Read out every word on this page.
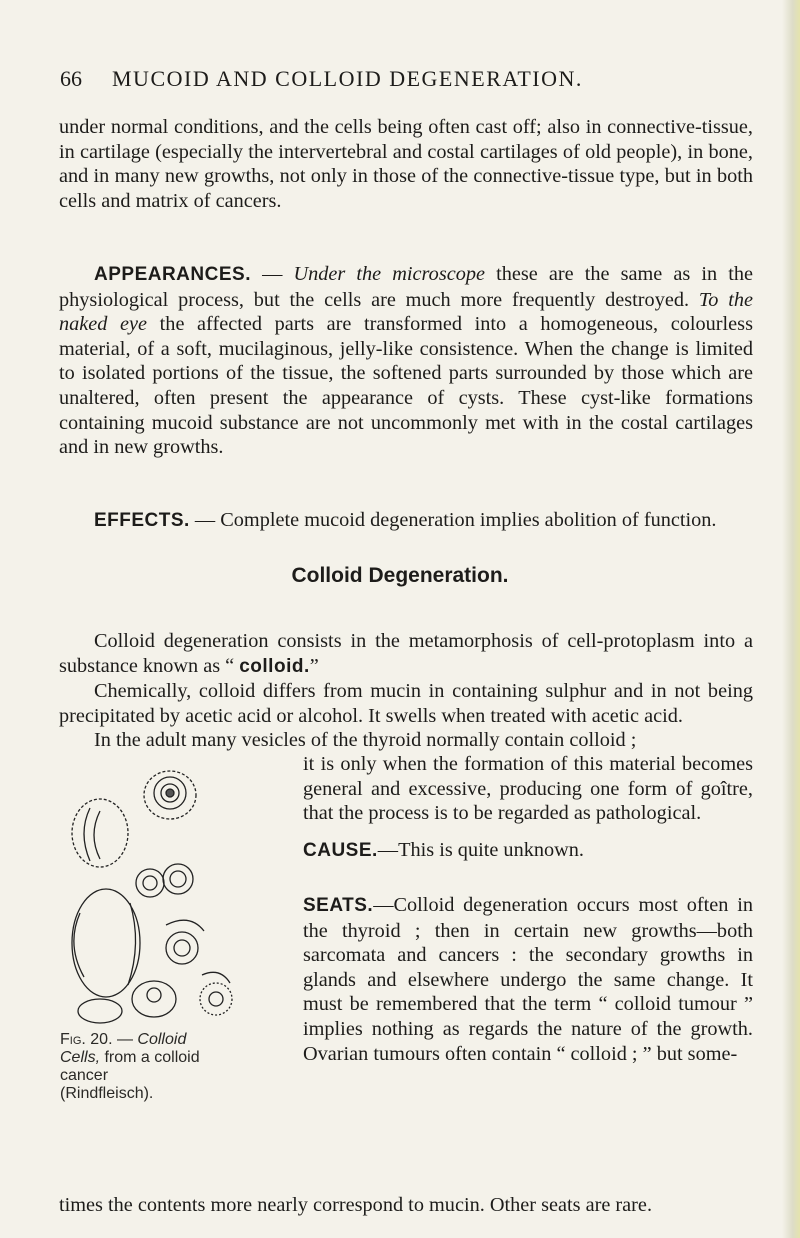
66 MUCOID AND COLLOID DEGENERATION.

under normal conditions, and the cells being often cast off; also in connective-tissue, in cartilage (especially the intervertebral and costal cartilages of old people), in bone, and in many new growths, not only in those of the connective-tissue type, but in both cells and matrix of cancers.

APPEARANCES. — Under the microscope these are the same as in the physiological process, but the cells are much more frequently destroyed. To the naked eye the affected parts are transformed into a homogeneous, colourless material, of a soft, mucilaginous, jelly-like consistence. When the change is limited to isolated portions of the tissue, the softened parts surrounded by those which are unaltered, often present the appearance of cysts. These cyst-like formations containing mucoid substance are not uncommonly met with in the costal cartilages and in new growths.

EFFECTS. — Complete mucoid degeneration implies abolition of function.

Colloid Degeneration.

Colloid degeneration consists in the metamorphosis of cell-protoplasm into a substance known as “ colloid.”

Chemically, colloid differs from mucin in containing sulphur and in not being precipitated by acetic acid or alcohol. It swells when treated with acetic acid.

In the adult many vesicles of the thyroid normally contain colloid ;

it is only when the formation of this material becomes general and excessive, producing one form of goître, that the process is to be regarded as pathological.

CAUSE.—This is quite unknown.

SEATS.—Colloid degeneration occurs most often in the thyroid ; then in certain new growths—both sarcomata and cancers : the secondary growths in glands and elsewhere undergo the same change. It must be remembered that the term “ colloid tumour ” implies nothing as regards the nature of the growth. Ovarian tumours often contain “ colloid ; ” but some-

times the contents more nearly correspond to mucin. Other seats are rare.

Fig. 20. — Colloid Cells, from a colloid cancer (Rindfleisch).
